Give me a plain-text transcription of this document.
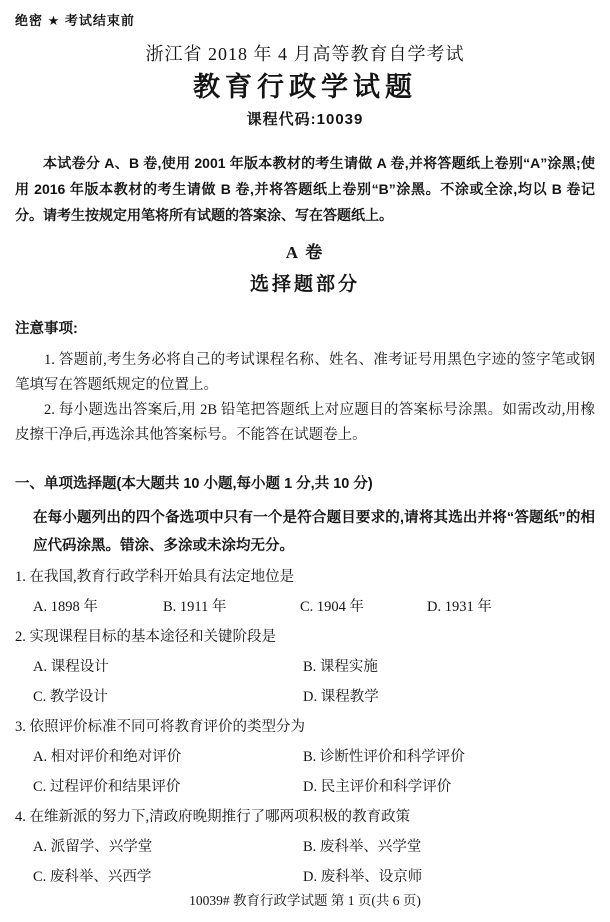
绝密 ★ 考试结束前
浙江省 2018 年 4 月高等教育自学考试
教育行政学试题
课程代码:10039

本试卷分 A、B 卷,使用 2001 年版本教材的考生请做 A 卷,并将答题纸上卷别“A”涂黑;使用 2016 年版本教材的考生请做 B 卷,并将答题纸上卷别“B”涂黑。不涂或全涂,均以 B 卷记分。请考生按规定用笔将所有试题的答案涂、写在答题纸上。

A 卷
选择题部分
注意事项:

1. 答题前,考生务必将自己的考试课程名称、姓名、准考证号用黑色字迹的签字笔或钢笔填写在答题纸规定的位置上。

2. 每小题选出答案后,用 2B 铅笔把答题纸上对应题目的答案标号涂黑。如需改动,用橡皮擦干净后,再选涂其他答案标号。不能答在试题卷上。

一、单项选择题(本大题共 10 小题,每小题 1 分,共 10 分)
在每小题列出的四个备选项中只有一个是符合题目要求的,请将其选出并将“答题纸”的相应代码涂黑。错涂、多涂或未涂均无分。
1. 在我国,教育行政学科开始具有法定地位是
A. 1898 年	B. 1911 年	C. 1904 年	D. 1931 年
2. 实现课程目标的基本途径和关键阶段是
A. 课程设计	B. 课程实施
C. 教学设计	D. 课程教学
3. 依照评价标准不同可将教育评价的类型分为
A. 相对评价和绝对评价	B. 诊断性评价和科学评价
C. 过程评价和结果评价	D. 民主评价和科学评价
4. 在维新派的努力下,清政府晚期推行了哪两项积极的教育政策
A. 派留学、兴学堂	B. 废科举、兴学堂
C. 废科举、兴西学	D. 废科举、设京师
10039# 教育行政学试题 第 1 页(共 6 页)
